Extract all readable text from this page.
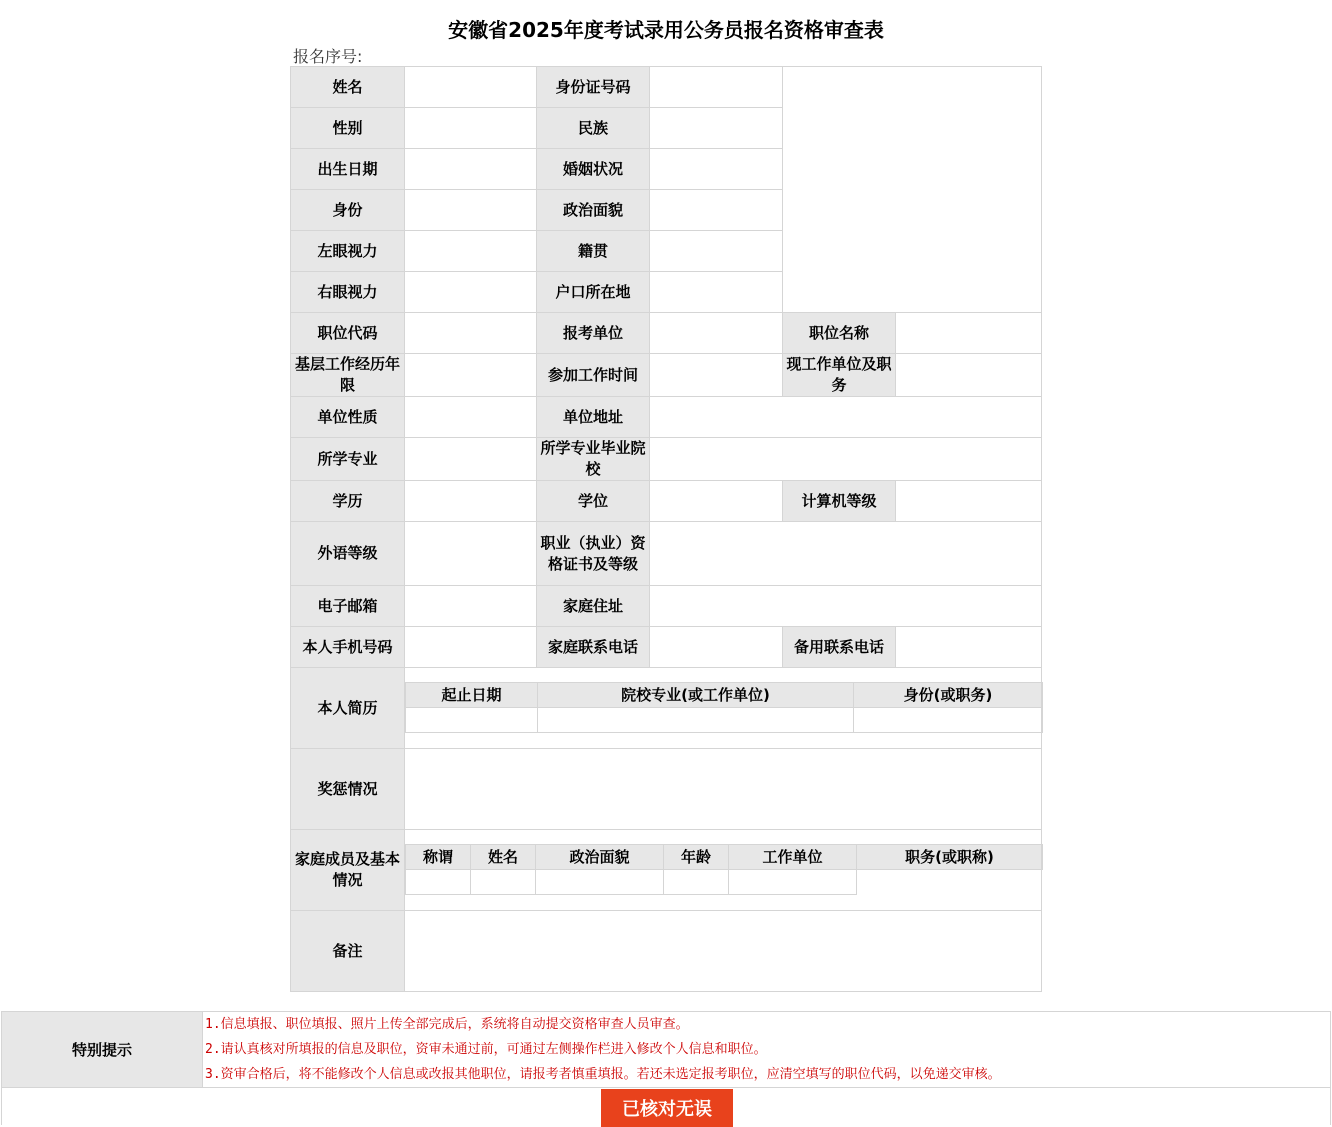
安徽省2025年度考试录用公务员报名资格审查表
报名序号:
姓名		身份证号码		
性别		民族	
出生日期		婚姻状况	
身份		政治面貌	
左眼视力		籍贯	
右眼视力		户口所在地	
职位代码		报考单位		职位名称	
基层工作经历年限		参加工作时间		现工作单位及职务	
单位性质		单位地址	
所学专业		所学专业毕业院校	
学历		学位		计算机等级	
外语等级		职业（执业）资格证书及等级	
电子邮箱		家庭住址	
本人手机号码		家庭联系电话		备用联系电话	
本人简历	
起止日期	院校专业(或工作单位)	身份(或职务)

奖惩情况	
家庭成员及基本情况	
称谓	姓名	政治面貌	年龄	工作单位	职务(或职称)

备注	
特别提示	
1.信息填报、职位填报、照片上传全部完成后，系统将自动提交资格审查人员审查。
2.请认真核对所填报的信息及职位，资审未通过前，可通过左侧操作栏进入修改个人信息和职位。
3.资审合格后，将不能修改个人信息或改报其他职位，请报考者慎重填报。若还未选定报考职位，应清空填写的职位代码，以免递交审核。
已核对无误
